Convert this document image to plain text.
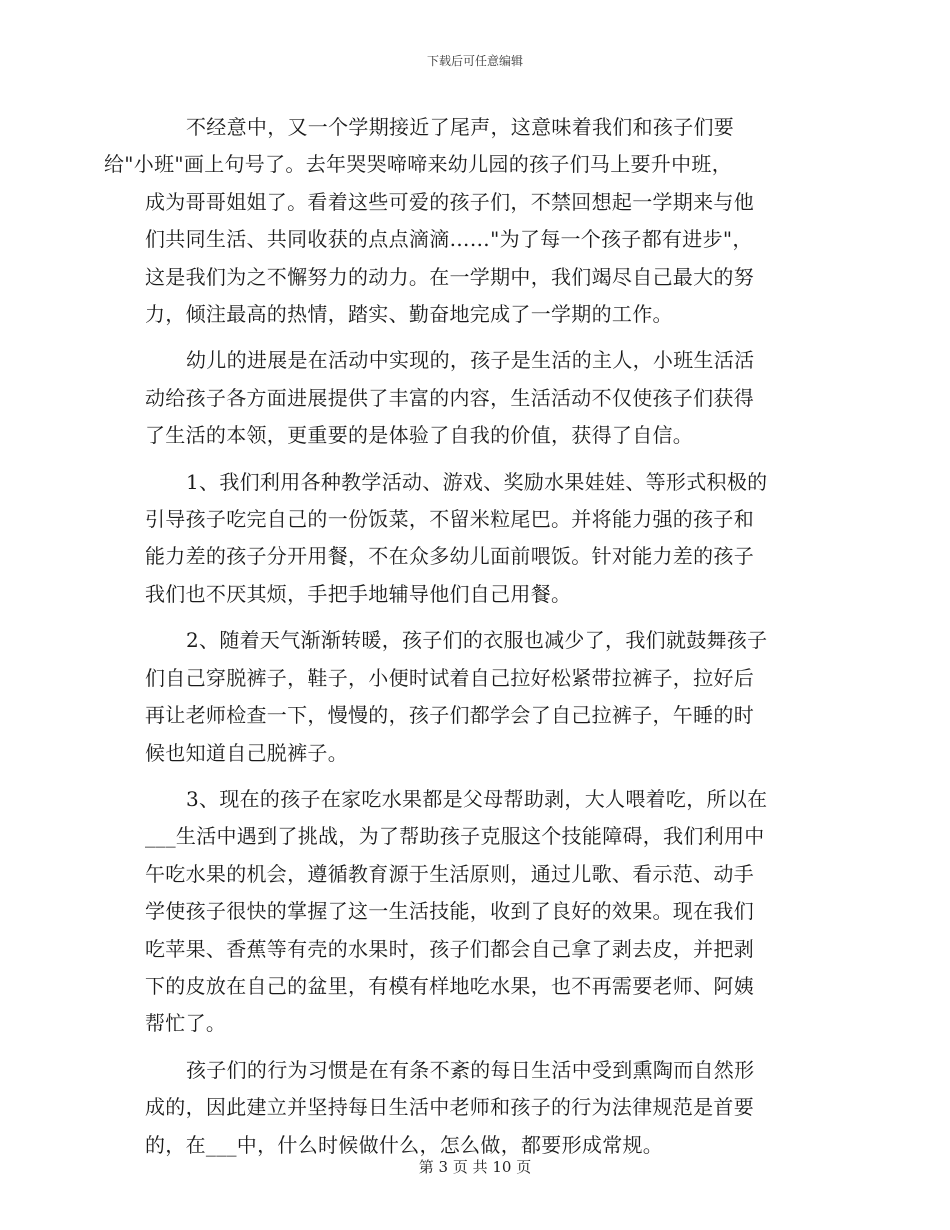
下载后可任意编辑

不经意中，又一个学期接近了尾声，这意味着我们和孩子们要
给"小班"画上句号了。去年哭哭啼啼来幼儿园的孩子们马上要升中班，
成为哥哥姐姐了。看着这些可爱的孩子们，不禁回想起一学期来与他
们共同生活、共同收获的点点滴滴……"为了每一个孩子都有进步"，
这是我们为之不懈努力的动力。在一学期中，我们竭尽自己最大的努
力，倾注最高的热情，踏实、勤奋地完成了一学期的工作。

幼儿的进展是在活动中实现的，孩子是生活的主人，小班生活活
动给孩子各方面进展提供了丰富的内容，生活活动不仅使孩子们获得
了生活的本领，更重要的是体验了自我的价值，获得了自信。

1、我们利用各种教学活动、游戏、奖励水果娃娃、等形式积极的
引导孩子吃完自己的一份饭菜，不留米粒尾巴。并将能力强的孩子和
能力差的孩子分开用餐，不在众多幼儿面前喂饭。针对能力差的孩子
我们也不厌其烦，手把手地辅导他们自己用餐。

2、随着天气渐渐转暖，孩子们的衣服也减少了，我们就鼓舞孩子
们自己穿脱裤子，鞋子，小便时试着自己拉好松紧带拉裤子，拉好后
再让老师检查一下，慢慢的，孩子们都学会了自己拉裤子，午睡的时
候也知道自己脱裤子。

3、现在的孩子在家吃水果都是父母帮助剥，大人喂着吃，所以在
___生活中遇到了挑战，为了帮助孩子克服这个技能障碍，我们利用中
午吃水果的机会，遵循教育源于生活原则，通过儿歌、看示范、动手
学使孩子很快的掌握了这一生活技能，收到了良好的效果。现在我们
吃苹果、香蕉等有壳的水果时，孩子们都会自己拿了剥去皮，并把剥
下的皮放在自己的盆里，有模有样地吃水果，也不再需要老师、阿姨
帮忙了。

孩子们的行为习惯是在有条不紊的每日生活中受到熏陶而自然形
成的，因此建立并坚持每日生活中老师和孩子的行为法律规范是首要
的，在___中，什么时候做什么，怎么做，都要形成常规。

第 3 页 共 10 页
